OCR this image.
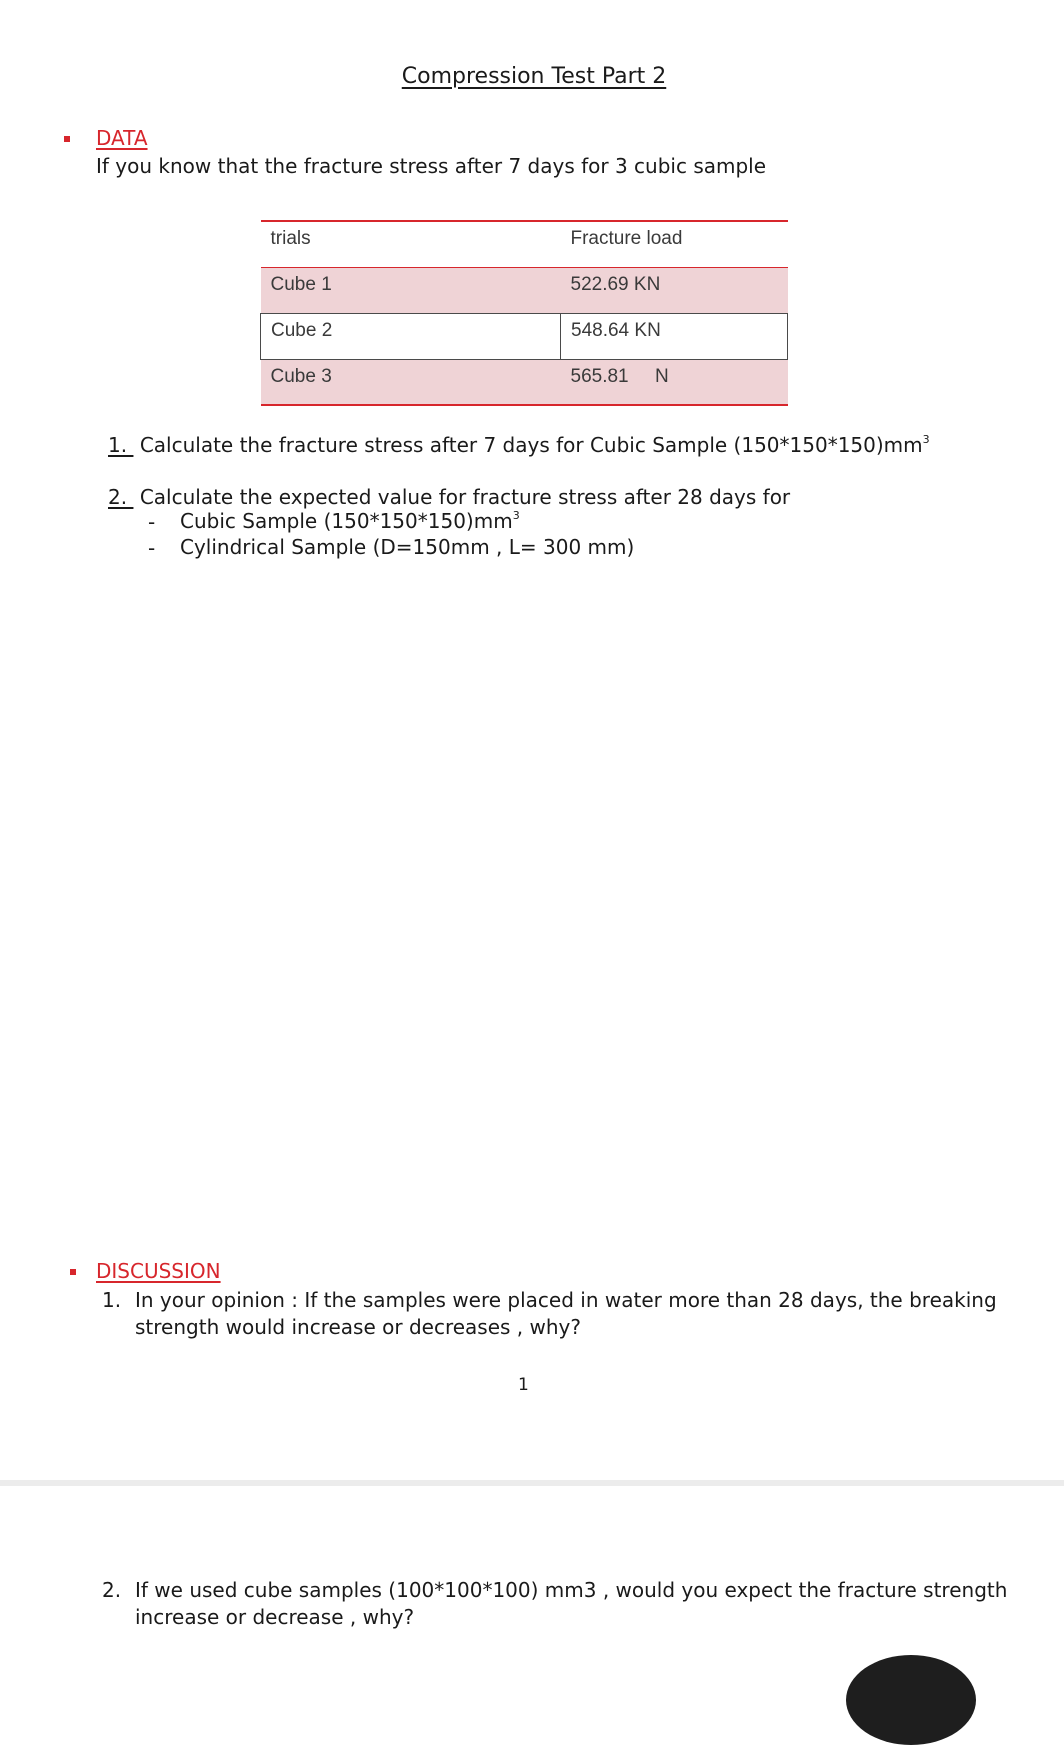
Compression Test Part 2
DATA
If you know that the fracture stress after 7 days for 3 cubic sample
trials	Fracture load
Cube 1	522.69 KN
Cube 2	548.64 KN
Cube 3	565.81     N
1.  Calculate the fracture stress after 7 days for Cubic Sample $(150*150*150)mm^3$
2.  Calculate the expected value for fracture stress after 28 days for
- Cubic Sample $(150*150*150)mm^3$
- Cylindrical Sample (D=150mm , L= 300 mm)
DISCUSSION
1. In your opinion : If the samples were placed in water more than 28 days, the breaking
strength would increase or decreases , why?
1
2. If we used cube samples (100*100*100) mm3 , would you expect the fracture strength
increase or decrease , why?
